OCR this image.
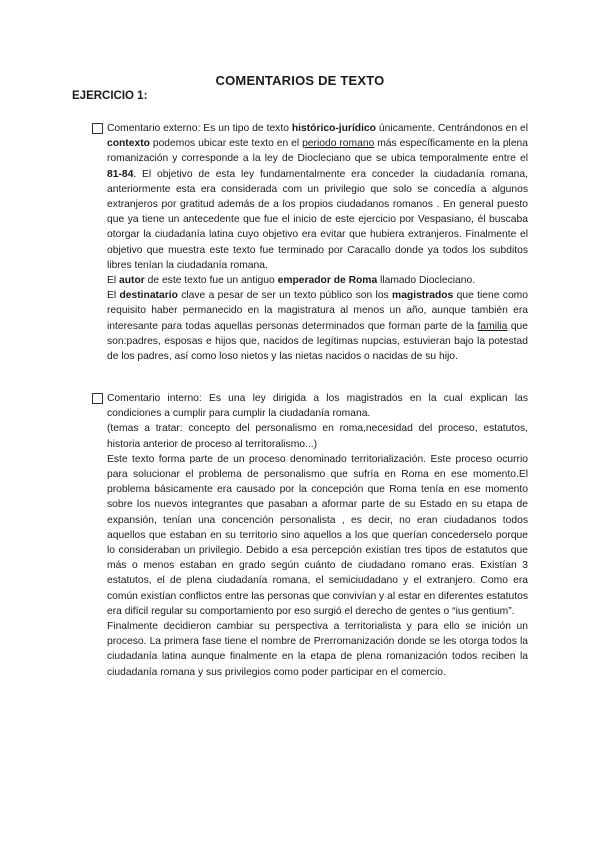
COMENTARIOS DE TEXTO
EJERCICIO 1:

Comentario externo: Es un tipo de texto histórico-jurídico únicamente. Centrándonos en el contexto podemos ubicar este texto en el periodo romano más específicamente en la plena romanización y corresponde a la ley de Diocleciano que se ubica temporalmente entre el 81-84. El objetivo de esta ley fundamentalmente era conceder la ciudadanía romana, anteriormente esta era considerada com un privilegio que solo se concedía a algunos extranjeros por gratitud además de a los propios ciudadanos romanos . En general puesto que ya tiene un antecedente que fue el inicio de este ejercicio por Vespasiano, él buscaba otorgar la ciudadanía latina cuyo objetivo era evitar que hubiera extranjeros. Finalmente el objetivo que muestra este texto fue terminado por Caracallo donde ya todos los subditos libres tenían la ciudadanía romana.

El autor de este texto fue un antiguo emperador de Roma llamado Diocleciano.

El destinatario clave a pesar de ser un texto público son los magistrados que tiene como requisito haber permanecido en la magistratura al menos un año, aunque también era interesante para todas aquellas personas determinados que forman parte de la familia que son:padres, esposas e hijos que, nacidos de legítimas nupcias, estuvieran bajo la potestad de los padres, así como loso nietos y las nietas nacidos o nacidas de su hijo.

Comentario interno: Es una ley dirigida a los magistrados en la cual explican las condiciones a cumplir para cumplir la ciudadanía romana.

(temas a tratar: concepto del personalismo en roma,necesidad del proceso, estatutos, historia anterior de proceso al territoralismo...)

Este texto forma parte de un proceso denominado territorialización. Este proceso ocurrio para solucionar el problema de personalismo que sufría en Roma en ese momento.El problema básicamente era causado por la concepción que Roma tenía en ese momento sobre los nuevos integrantes que pasaban a aformar parte de su Estado en su etapa de expansión, tenían una concención personalista , es decir, no eran ciudadanos todos aquellos que estaban en su territorio sino aquellos a los que querían concederselo porque lo consideraban un privilegio. Debido a esa percepción existían tres tipos de estatutos que más o menos estaban en grado según cuánto de ciudadano romano eras. Existían 3 estatutos, el de plena ciudadanía romana, el semiciudadano y el extranjero. Como era común existían conflictos entre las personas que convivían y al estar en diferentes estatutos era difícil regular su comportamiento por eso surgió el derecho de gentes o “ius gentium”.

Finalmente decidieron cambiar su perspectiva a territorialista y para ello se inición un proceso. La primera fase tiene el nombre de Prerromanización donde se les otorga todos la ciudadanía latina aunque finalmente en la etapa de plena romanización todos reciben la ciudadanía romana y sus privilegios como poder participar en el comercio.
